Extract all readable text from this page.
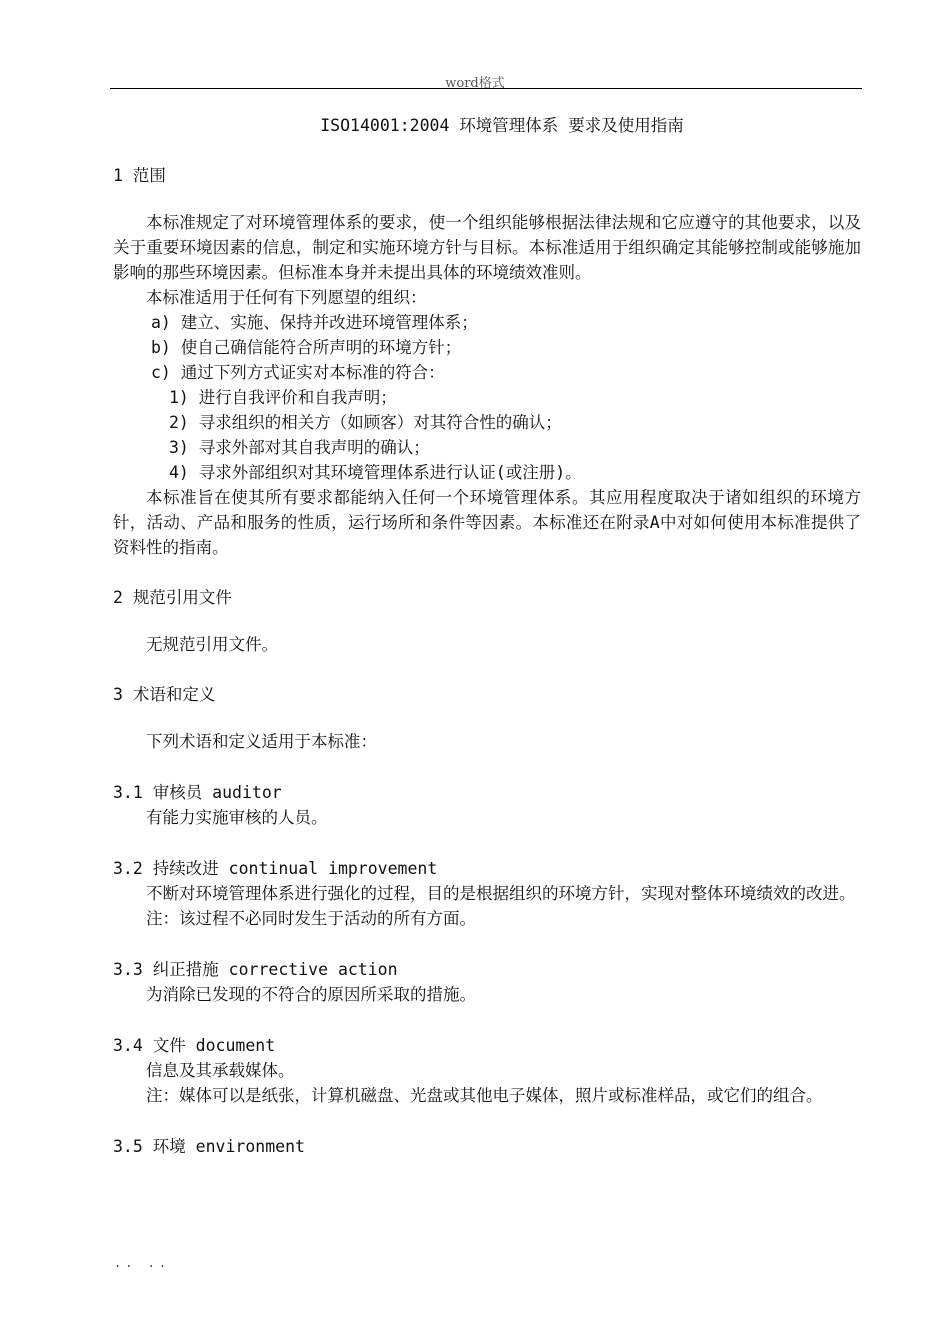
word格式
ISO14001:2004 环境管理体系 要求及使用指南
1 范围
本标准规定了对环境管理体系的要求，使一个组织能够根据法律法规和它应遵守的其他要求，以及关于重要环境因素的信息，制定和实施环境方针与目标。本标准适用于组织确定其能够控制或能够施加影响的那些环境因素。但标准本身并未提出具体的环境绩效准则。
本标准适用于任何有下列愿望的组织：
a) 建立、实施、保持并改进环境管理体系；
b) 使自己确信能符合所声明的环境方针；
c) 通过下列方式证实对本标准的符合：
1) 进行自我评价和自我声明；
2) 寻求组织的相关方（如顾客）对其符合性的确认；
3) 寻求外部对其自我声明的确认；
4) 寻求外部组织对其环境管理体系进行认证(或注册)。
本标准旨在使其所有要求都能纳入任何一个环境管理体系。其应用程度取决于诸如组织的环境方针，活动、产品和服务的性质，运行场所和条件等因素。本标准还在附录A中对如何使用本标准提供了资料性的指南。
2 规范引用文件
无规范引用文件。
3 术语和定义
下列术语和定义适用于本标准：
3.1 审核员 auditor
有能力实施审核的人员。
3.2 持续改进 continual improvement
不断对环境管理体系进行强化的过程，目的是根据组织的环境方针，实现对整体环境绩效的改进。
注：该过程不必同时发生于活动的所有方面。
3.3 纠正措施 corrective action
为消除已发现的不符合的原因所采取的措施。
3.4 文件 document
信息及其承载媒体。
注：媒体可以是纸张，计算机磁盘、光盘或其他电子媒体，照片或标准样品，或它们的组合。
3.5 环境 environment
.. ..
